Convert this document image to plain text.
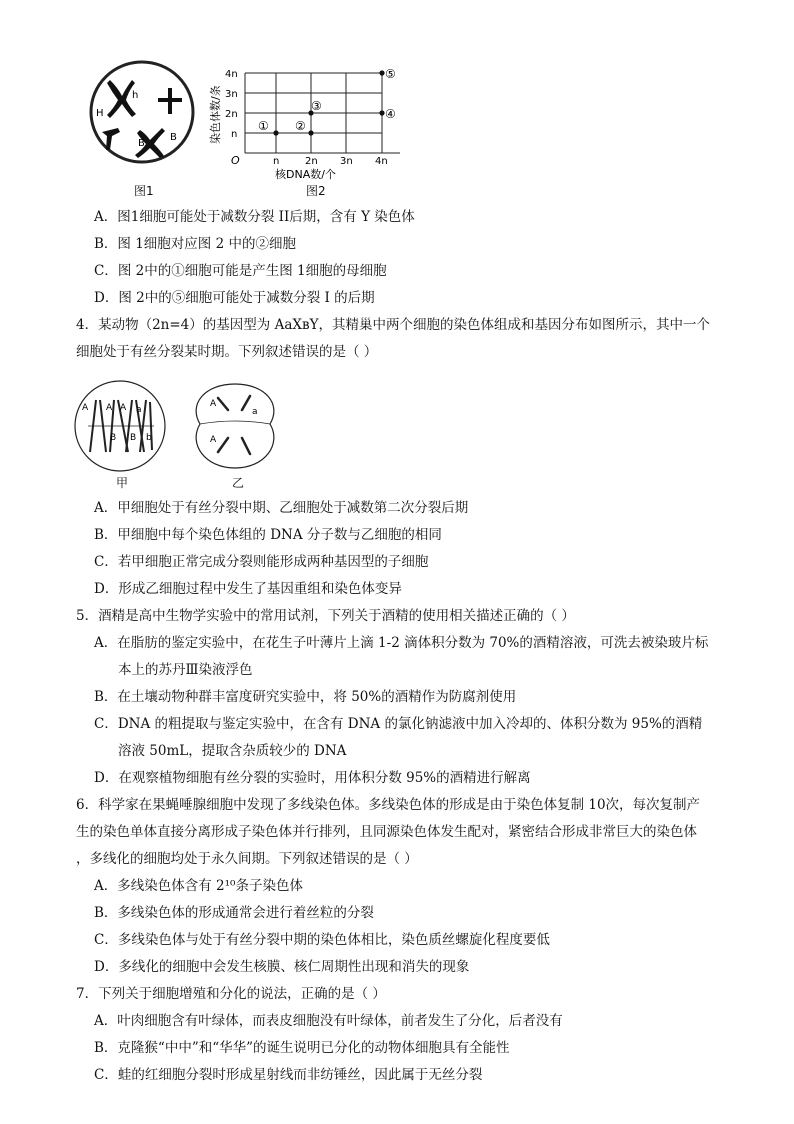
H
h
B
B
图1
染色体数/条
4n
3n
2n
n
O	n	2n 3n 4n
核DNA数/个
① ②
③
④
⑤
图2
A．图1细胞可能处于减数分裂 II后期，含有 Y 染色体
B．图 1细胞对应图 2 中的②细胞
C．图 2中的①细胞可能是产生图 1细胞的母细胞
D．图 2中的⑤细胞可能处于减数分裂 I 的后期
4．某动物（2n=4）的基因型为 AaXʙY，其精巢中两个细胞的染色体组成和基因分布如图所示，其中一个
细胞处于有丝分裂某时期。下列叙述错误的是（ ）
A A	a
A
B B b
A
a
A
甲	乙
A．甲细胞处于有丝分裂中期、乙细胞处于减数第二次分裂后期
B．甲细胞中每个染色体组的 DNA 分子数与乙细胞的相同
C．若甲细胞正常完成分裂则能形成两种基因型的子细胞
D．形成乙细胞过程中发生了基因重组和染色体变异
5．酒精是高中生物学实验中的常用试剂，下列关于酒精的使用相关描述正确的（ ）
A．在脂肪的鉴定实验中，在花生子叶薄片上滴 1-2 滴体积分数为 70%的酒精溶液，可洗去被染玻片标
本上的苏丹Ⅲ染液浮色
B．在土壤动物种群丰富度研究实验中，将 50%的酒精作为防腐剂使用
C．DNA 的粗提取与鉴定实验中，在含有 DNA 的氯化钠滤液中加入冷却的、体积分数为 95%的酒精
溶液 50mL，提取含杂质较少的 DNA
D．在观察植物细胞有丝分裂的实验时，用体积分数 95%的酒精进行解离
6．科学家在果蝇唾腺细胞中发现了多线染色体。多线染色体的形成是由于染色体复制 10次，每次复制产
生的染色单体直接分离形成子染色体并行排列，且同源染色体发生配对，紧密结合形成非常巨大的染色体
，多线化的细胞均处于永久间期。下列叙述错误的是（ ）
A．多线染色体含有 2¹⁰条子染色体
B．多线染色体的形成通常会进行着丝粒的分裂
C．多线染色体与处于有丝分裂中期的染色体相比，染色质丝螺旋化程度要低
D．多线化的细胞中会发生核膜、核仁周期性出现和消失的现象
7．下列关于细胞增殖和分化的说法，正确的是（ ）
A．叶肉细胞含有叶绿体，而表皮细胞没有叶绿体，前者发生了分化，后者没有
B．克隆猴“中中”和“华华”的诞生说明已分化的动物体细胞具有全能性
C．蛙的红细胞分裂时形成星射线而非纺锤丝，因此属于无丝分裂
